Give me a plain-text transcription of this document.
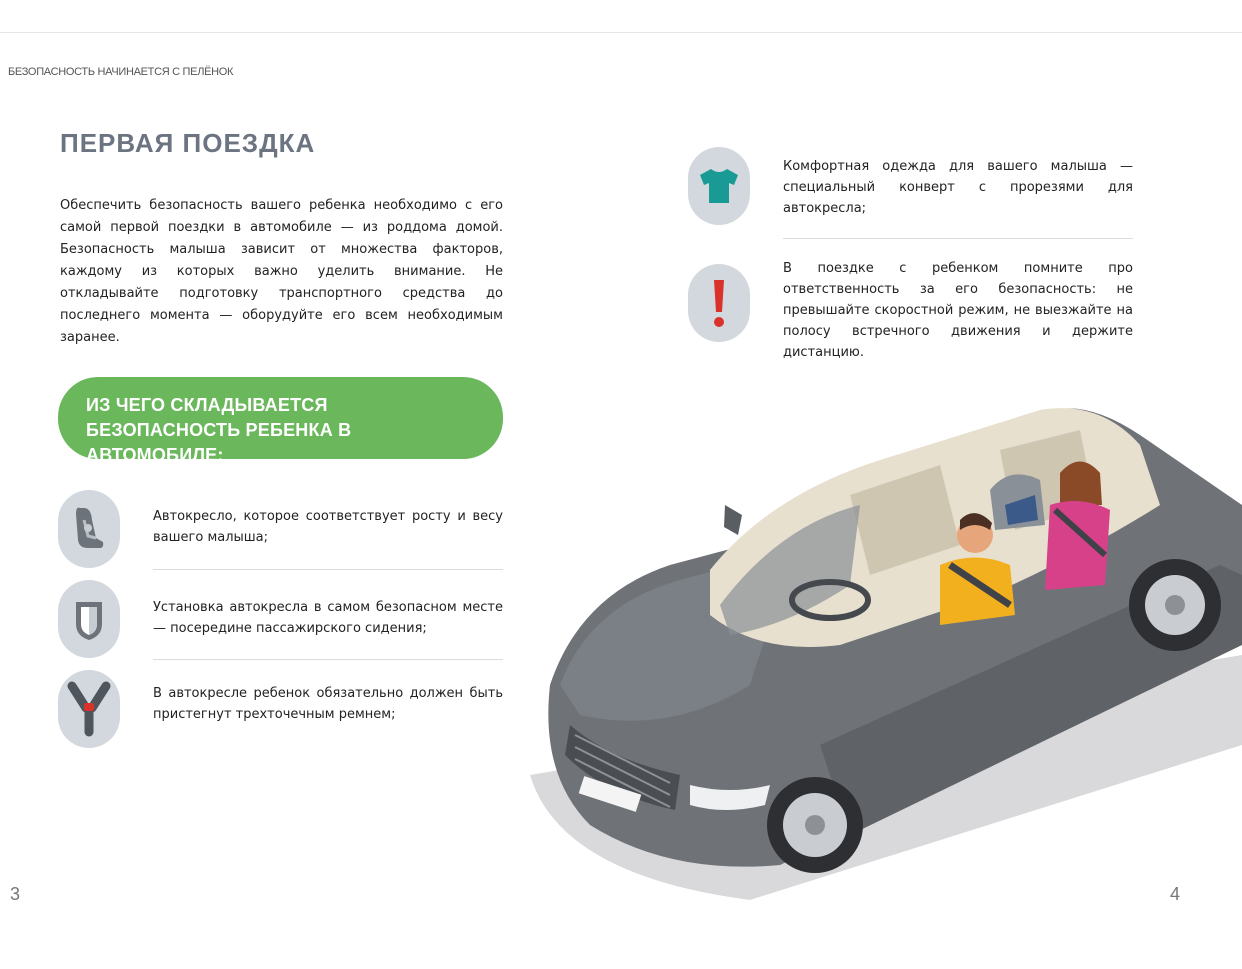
БЕЗОПАСНОСТЬ НАЧИНАЕТСЯ С ПЕЛЁНОК
ПЕРВАЯ ПОЕЗДКА
Обеспечить безопасность вашего ребенка необходимо с его самой первой поездки в автомобиле — из роддома домой. Безопасность малыша зависит от множества факторов, каждому из которых важно уделить внимание. Не откладывайте подготовку транспортного средства до последнего момента — оборудуйте его всем необходимым заранее.
ИЗ ЧЕГО СКЛАДЫВАЕТСЯ БЕЗОПАСНОСТЬ РЕБЕНКА В АВТОМОБИЛЕ:
Автокресло, которое соответствует росту и весу вашего малыша;
Установка автокресла в самом безопасном месте — посередине пассажирского сидения;
В автокресле ребенок обязательно должен быть пристегнут трехточечным ремнем;
Комфортная одежда для вашего малыша — специальный конверт с прорезями для автокресла;
В поездке с ребенком помните про ответственность за его безопасность: не превышайте скоростной режим, не выезжайте на полосу встречного движения и держите дистанцию.
3	4
